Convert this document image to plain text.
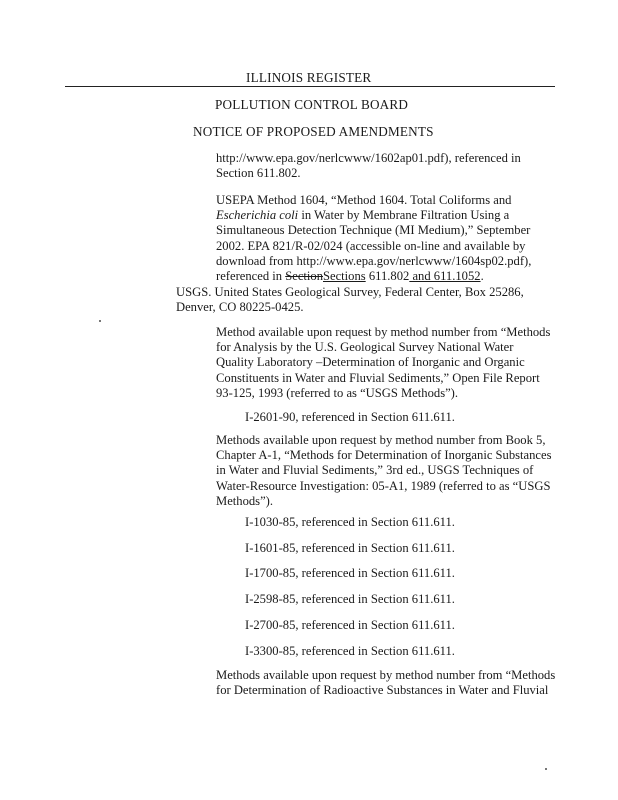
ILLINOIS REGISTER
POLLUTION CONTROL BOARD
NOTICE OF PROPOSED AMENDMENTS
http://www.epa.gov/nerlcwww/1602ap01.pdf), referenced in
Section 611.802.
USEPA Method 1604, “Method 1604. Total Coliforms and
Escherichia coli in Water by Membrane Filtration Using a
Simultaneous Detection Technique (MI Medium),” September
2002. EPA 821/R-02/024 (accessible on-line and available by
download from http://www.epa.gov/nerlcwww/1604sp02.pdf),
referenced in SectionSections 611.802 and 611.1052.
USGS. United States Geological Survey, Federal Center, Box 25286,
Denver, CO 80225-0425.
Method available upon request by method number from “Methods
for Analysis by the U.S. Geological Survey National Water
Quality Laboratory –Determination of Inorganic and Organic
Constituents in Water and Fluvial Sediments,” Open File Report
93-125, 1993 (referred to as “USGS Methods”).
I-2601-90, referenced in Section 611.611.
Methods available upon request by method number from Book 5,
Chapter A-1, “Methods for Determination of Inorganic Substances
in Water and Fluvial Sediments,” 3rd ed., USGS Techniques of
Water-Resource Investigation: 05-A1, 1989 (referred to as “USGS
Methods”).
I-1030-85, referenced in Section 611.611.
I-1601-85, referenced in Section 611.611.
I-1700-85, referenced in Section 611.611.
I-2598-85, referenced in Section 611.611.
I-2700-85, referenced in Section 611.611.
I-3300-85, referenced in Section 611.611.
Methods available upon request by method number from “Methods
for Determination of Radioactive Substances in Water and Fluvial
